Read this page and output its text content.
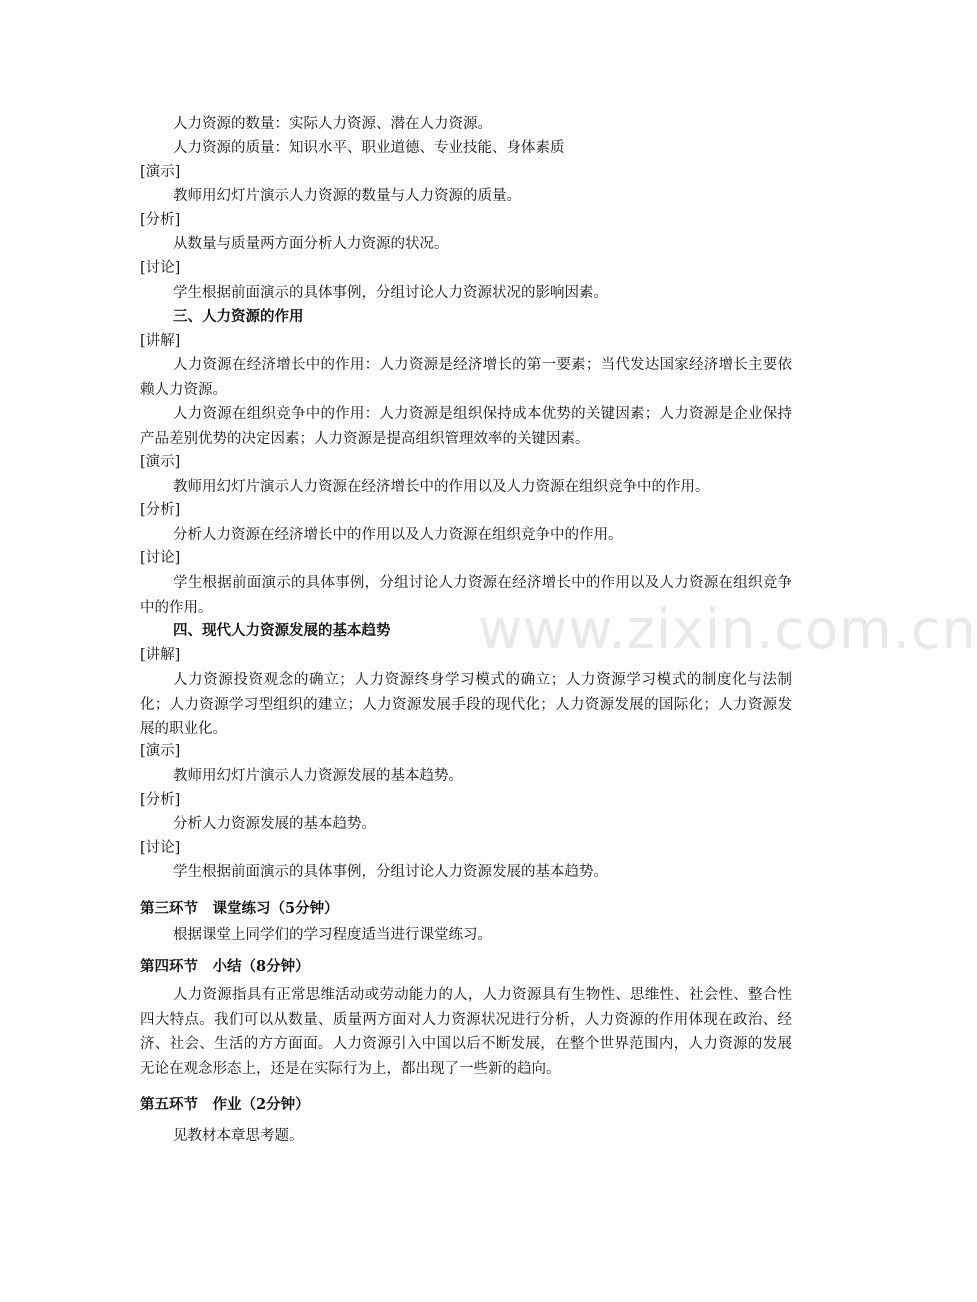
www.zixin.com.cn
人力资源的数量：实际人力资源、潜在人力资源。
人力资源的质量：知识水平、职业道德、专业技能、身体素质
[演示]
教师用幻灯片演示人力资源的数量与人力资源的质量。
[分析]
从数量与质量两方面分析人力资源的状况。
[讨论]
学生根据前面演示的具体事例，分组讨论人力资源状况的影响因素。
三、人力资源的作用
[讲解]
人力资源在经济增长中的作用：人力资源是经济增长的第一要素；当代发达国家经济增长主要依赖人力资源。
人力资源在组织竞争中的作用：人力资源是组织保持成本优势的关键因素；人力资源是企业保持产品差别优势的决定因素；人力资源是提高组织管理效率的关键因素。
[演示]
教师用幻灯片演示人力资源在经济增长中的作用以及人力资源在组织竞争中的作用。
[分析]
分析人力资源在经济增长中的作用以及人力资源在组织竞争中的作用。
[讨论]
学生根据前面演示的具体事例，分组讨论人力资源在经济增长中的作用以及人力资源在组织竞争中的作用。
四、现代人力资源发展的基本趋势
[讲解]
人力资源投资观念的确立；人力资源终身学习模式的确立；人力资源学习模式的制度化与法制化；人力资源学习型组织的建立；人力资源发展手段的现代化；人力资源发展的国际化；人力资源发展的职业化。
[演示]
教师用幻灯片演示人力资源发展的基本趋势。
[分析]
分析人力资源发展的基本趋势。
[讨论]
学生根据前面演示的具体事例，分组讨论人力资源发展的基本趋势。
第三环节　课堂练习（5分钟）
根据课堂上同学们的学习程度适当进行课堂练习。
第四环节　小结（8分钟）
人力资源指具有正常思维活动或劳动能力的人，人力资源具有生物性、思维性、社会性、整合性四大特点。我们可以从数量、质量两方面对人力资源状况进行分析，人力资源的作用体现在政治、经济、社会、生活的方方面面。人力资源引入中国以后不断发展，在整个世界范围内，人力资源的发展无论在观念形态上，还是在实际行为上，都出现了一些新的趋向。
第五环节　作业（2分钟）
见教材本章思考题。
